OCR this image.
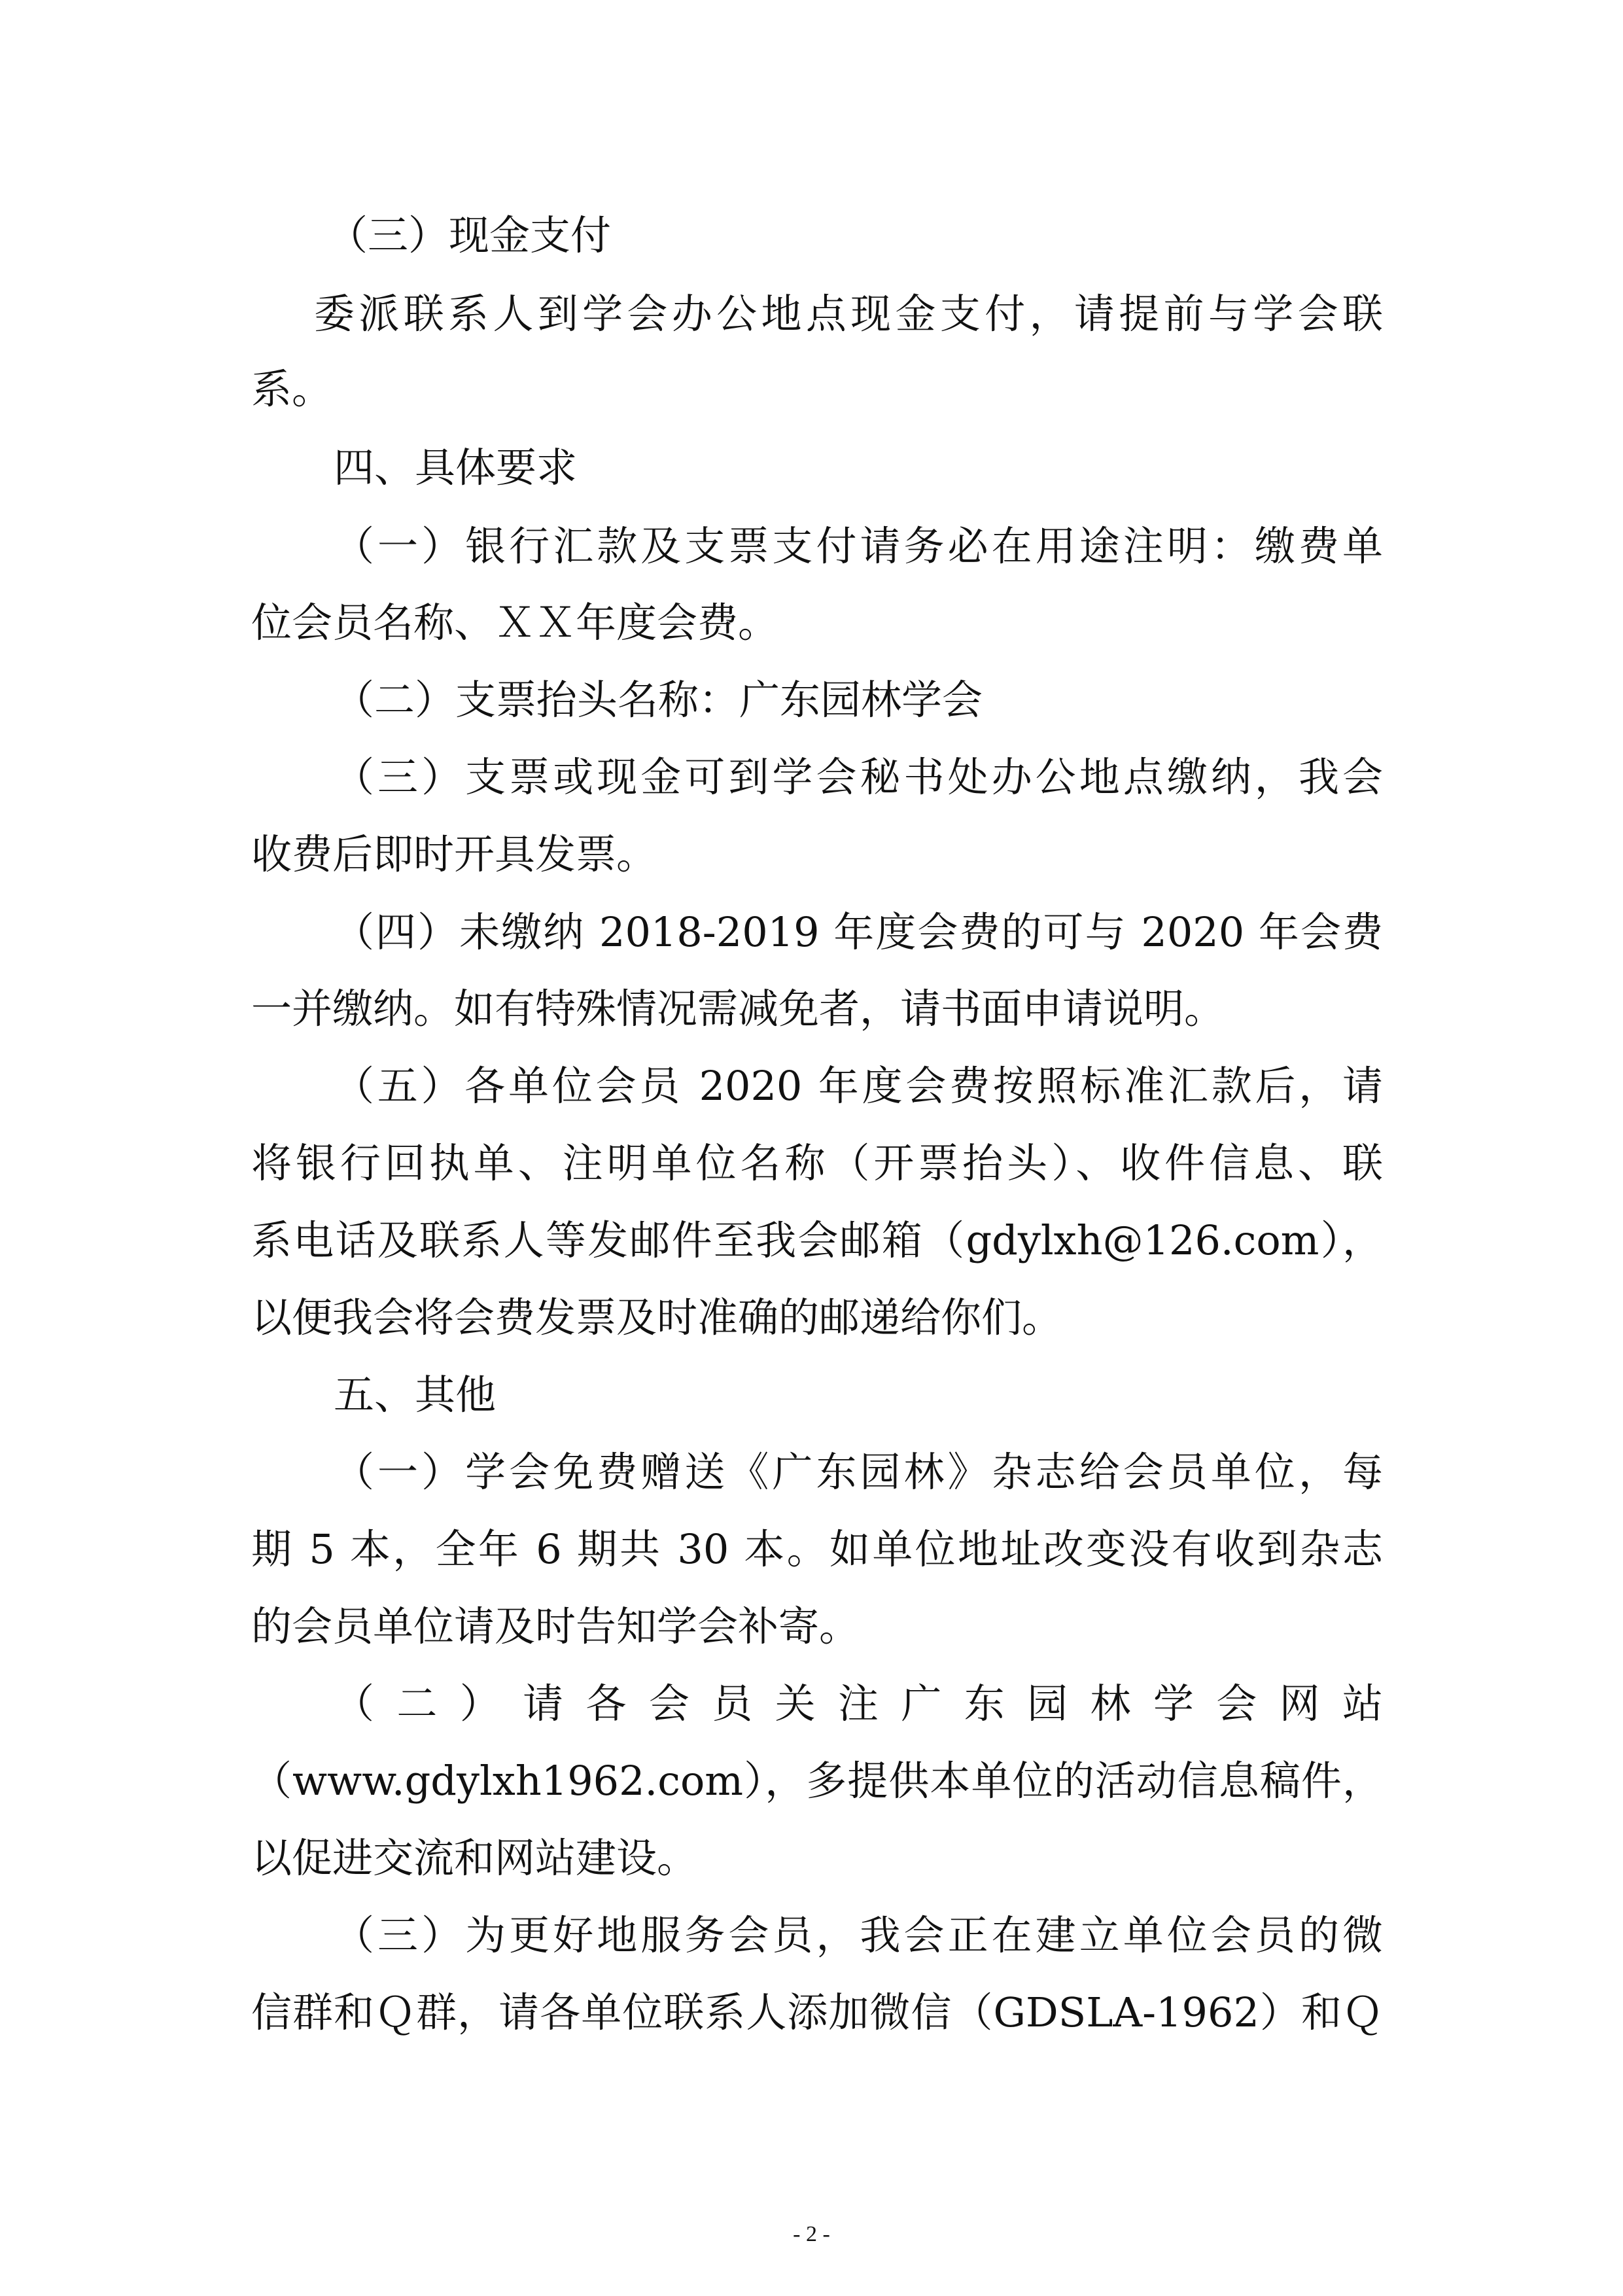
（三）现金支付
委派联系人到学会办公地点现金支付，请提前与学会联
系。
四、具体要求
（一）银行汇款及支票支付请务必在用途注明：缴费单
位会员名称、ＸＸ年度会费。
（二）支票抬头名称：广东园林学会
（三）支票或现金可到学会秘书处办公地点缴纳，我会
收费后即时开具发票。
（四）未缴纳 2018-2019 年度会费的可与 2020 年会费
一并缴纳。如有特殊情况需减免者，请书面申请说明。
（五）各单位会员 2020 年度会费按照标准汇款后，请
将银行回执单、注明单位名称（开票抬头）、收件信息、联
系电话及联系人等发邮件至我会邮箱（gdylxh@126.com），
以便我会将会费发票及时准确的邮递给你们。
五、其他
（一）学会免费赠送《广东园林》杂志给会员单位，每
期 5 本，全年 6 期共 30 本。如单位地址改变没有收到杂志
的会员单位请及时告知学会补寄。
（二）请各会员关注广东园林学会网站
（www.gdylxh1962.com），多提供本单位的活动信息稿件，
以促进交流和网站建设。
（三）为更好地服务会员，我会正在建立单位会员的微
信群和Ｑ群，请各单位联系人添加微信（GDSLA-1962）和Ｑ
- 2 -
